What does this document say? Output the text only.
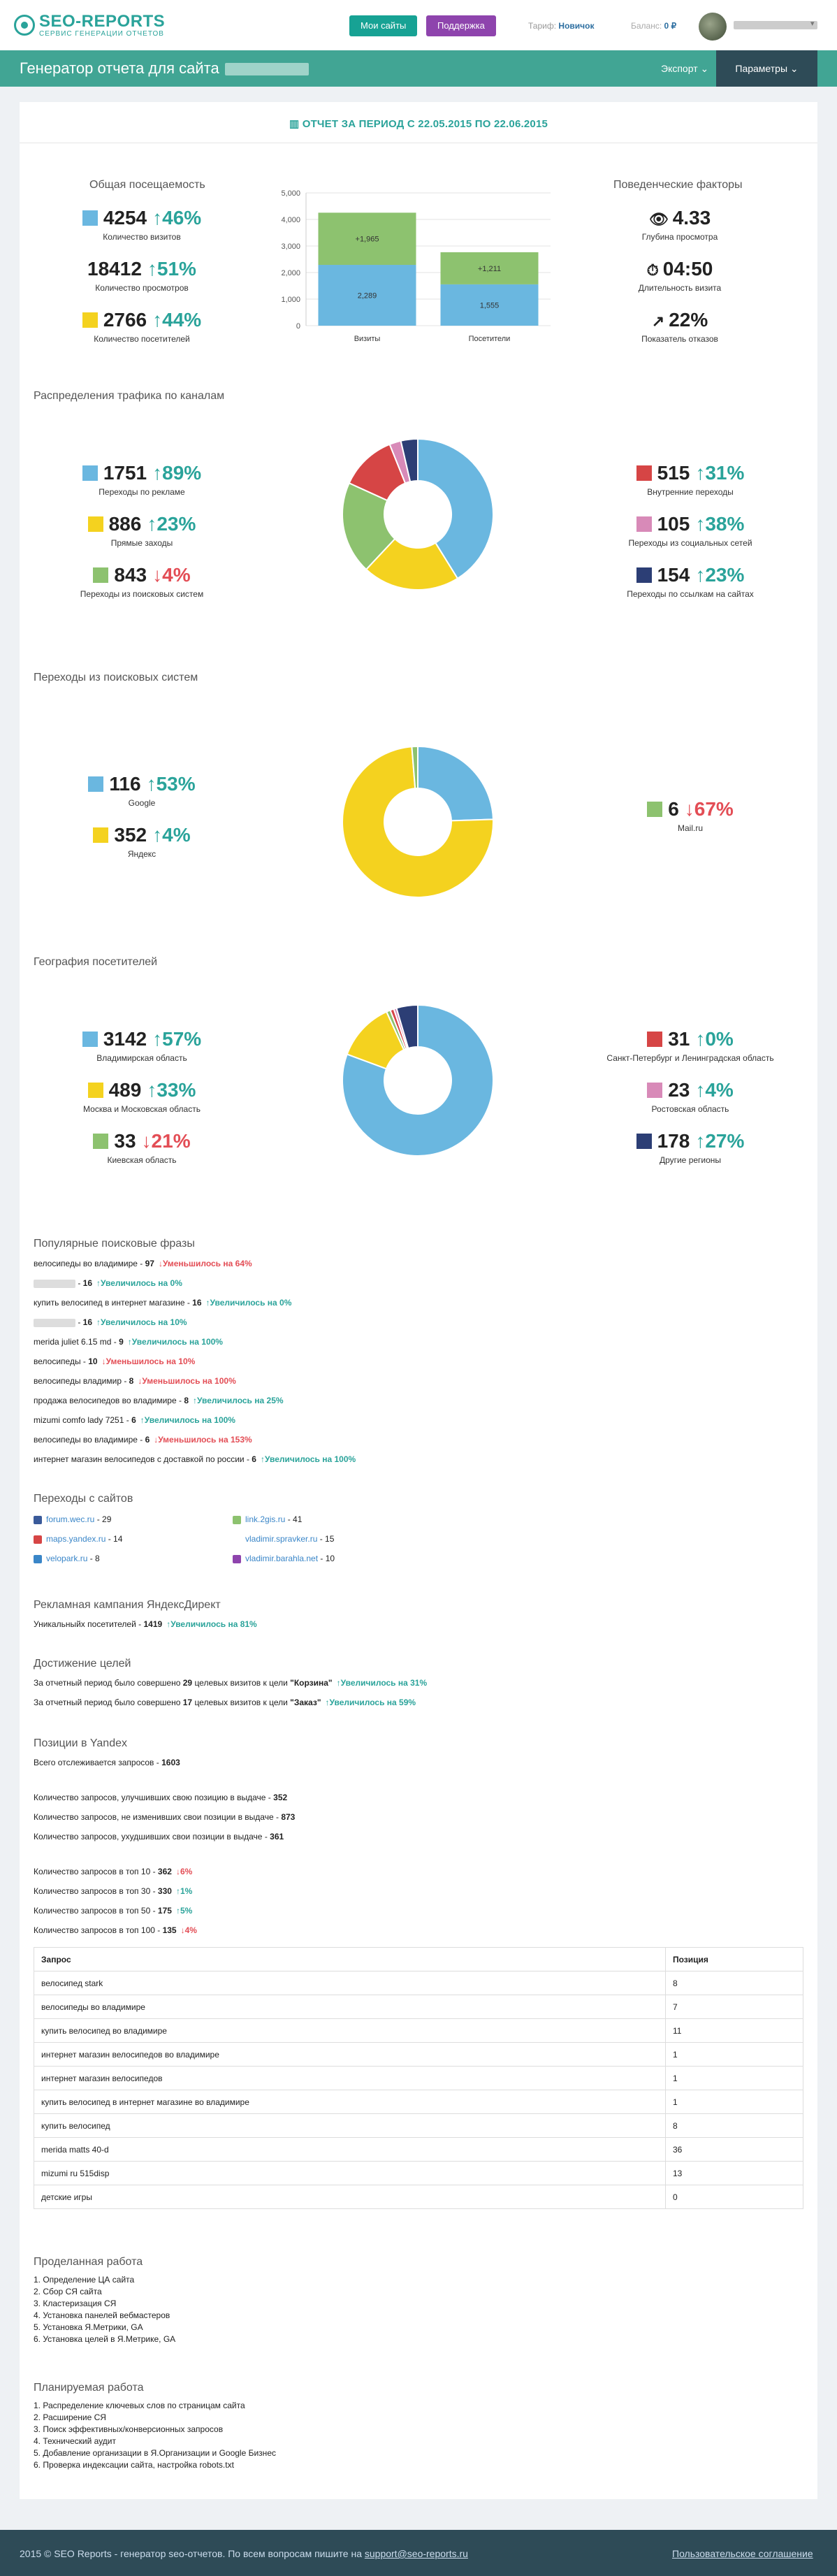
SEO-REPORTS
СЕРВИС ГЕНЕРАЦИИ ОТЧЕТОВ
Мои сайты	Поддержка	Тариф: Новичок	Баланс: 0 ₽	▾
Генератор отчета для сайта	Экспорт ⌄	Параметры ⌄
▥ ОТЧЕТ ЗА ПЕРИОД С 22.05.2015 ПО 22.06.2015
Общая посещаемость
0
1,000
2,000
3,000
4,000
5,000
2,289
+1,965
Визиты
1,555
+1,211
Посетители
Поведенческие факторы
Распределения трафика по каналам
Переходы из поисковых систем
География посетителей
Популярные поисковые фразы
велосипеды во владимире - 97 ↓Уменьшилось на 64%
- 16 ↑Увеличилось на 0%
купить велосипед в интернет магазине - 16 ↑Увеличилось на 0%
- 16 ↑Увеличилось на 10%
merida juliet 6.15 md - 9 ↑Увеличилось на 100%
велосипеды - 10 ↓Уменьшилось на 10%
велосипеды владимир - 8 ↓Уменьшилось на 100%
продажа велосипедов во владимире - 8 ↑Увеличилось на 25%
mizumi comfo lady 7251 - 6 ↑Увеличилось на 100%
велосипеды во владимире - 6 ↓Уменьшилось на 153%
интернет магазин велосипедов с доставкой по россии - 6 ↑Увеличилось на 100%
Переходы с сайтов
forum.wec.ru - 29
maps.yandex.ru - 14
velopark.ru - 8
link.2gis.ru - 41
vladimir.spravker.ru - 15
vladimir.barahla.net - 10
Рекламная кампания ЯндексДирект
Уникальныйх посетителей - 1419 ↑Увеличилось на 81%
Достижение целей
За отчетный период было совершено 29 целевых визитов к цели "Корзина" ↑Увеличилось на 31%
За отчетный период было совершено 17 целевых визитов к цели "Заказ" ↑Увеличилось на 59%
Позиции в Yandex
Всего отслеживается запросов - 1603
Количество запросов, улучшивших свою позицию в выдаче - 352
Количество запросов, не изменивших свои позиции в выдаче - 873
Количество запросов, ухудшивших свои позиции в выдаче - 361
Количество запросов в топ 10 - 362 ↓6%
Количество запросов в топ 30 - 330 ↑1%
Количество запросов в топ 50 - 175 ↑5%
Количество запросов в топ 100 - 135 ↓4%
Запрос	Позиция
велосипед stark	8
велосипеды во владимире	7
купить велосипед во владимире	11
интернет магазин велосипедов во владимире	1
интернет магазин велосипедов	1
купить велосипед в интернет магазине во владимире	1
купить велосипед	8
merida matts 40-d	36
mizumi ru 515disp	13
детские игры	0
Проделанная работа
1. Определение ЦА сайта
2. Сбор СЯ сайта
3. Кластеризация СЯ
4. Установка панелей вебмастеров
5. Установка Я.Метрики, GA
6. Установка целей в Я.Метрике, GA
Планируемая работа
1. Распределение ключевых слов по страницам сайта
2. Расширение СЯ
3. Поиск эффективных/конверсионных запросов
4. Технический аудит
5. Добавление организации в Я.Организации и Google Бизнес
6. Проверка индексации сайта, настройка robots.txt
4254 ↑46%
Количество визитов
18412 ↑51%
Количество просмотров
2766 ↑44%
Количество посетителей
1751 ↑89%
Переходы по рекламе
886 ↑23%
Прямые заходы
843 ↓4%
Переходы из поисковых систем
515 ↑31%
Внутренние переходы
105 ↑38%
Переходы из социальных сетей
154 ↑23%
Переходы по ссылкам на сайтах
116 ↑53%
Google
352 ↑4%
Яндекс
6 ↓67%
Mail.ru
3142 ↑57%
Владимирская область
489 ↑33%
Москва и Московская область
33 ↓21%
Киевская область
31 ↑0%
Санкт-Петербург и Ленинградская область
23 ↑4%
Ростовская область
178 ↑27%
Другие регионы
👁 4.33
Глубина просмотра
⏱ 04:50
Длительность визита
↗ 22%
Показатель отказов
2015 © SEO Reports - генератор seo-отчетов. По всем вопросам пишите на support@seo-reports.ru	Пользовательское соглашение
